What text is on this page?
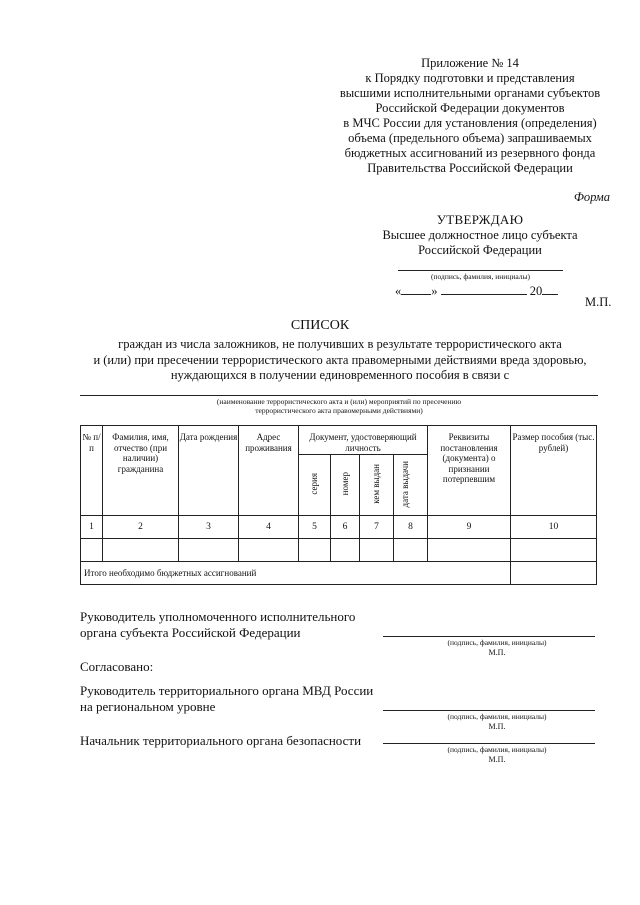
Приложение № 14
к Порядку подготовки и представления
высшими исполнительными органами субъектов
Российской Федерации документов
в МЧС России для установления (определения)
объема (предельного объема) запрашиваемых
бюджетных ассигнований из резервного фонда
Правительства Российской Федерации
Форма
УТВЕРЖДАЮ
Высшее должностное лицо субъекта
Российской Федерации
(подпись, фамилия, инициалы)
« »	20
М.П.
СПИСОК
граждан из числа заложников, не получивших в результате террористического акта
и (или) при пресечении террористического акта правомерными действиями вреда здоровью,
нуждающихся в получении единовременного пособия в связи с
(наименование террористического акта и (или) мероприятий по пресечению
террористического акта правомерными действиями)
№ п/п	Фамилия, имя, отчество (при наличии) гражданина	Дата рождения	Адрес проживания	Документ, удостоверяющий личность				Реквизиты постановления (документа) о признании потерпевшим	Размер пособия (тыс. рублей)
				серия	номер	кем выдан	дата выдачи		
1	2	3	4	5	6	7	8	9	10

Итого необходимо бюджетных ассигнований									
Руководитель уполномоченного исполнительного
органа субъекта Российской Федерации
(подпись, фамилия, инициалы)
М.П.
Согласовано:
Руководитель территориального органа МВД России
на региональном уровне
(подпись, фамилия, инициалы)
М.П.
Начальник территориального органа безопасности
(подпись, фамилия, инициалы)
М.П.
